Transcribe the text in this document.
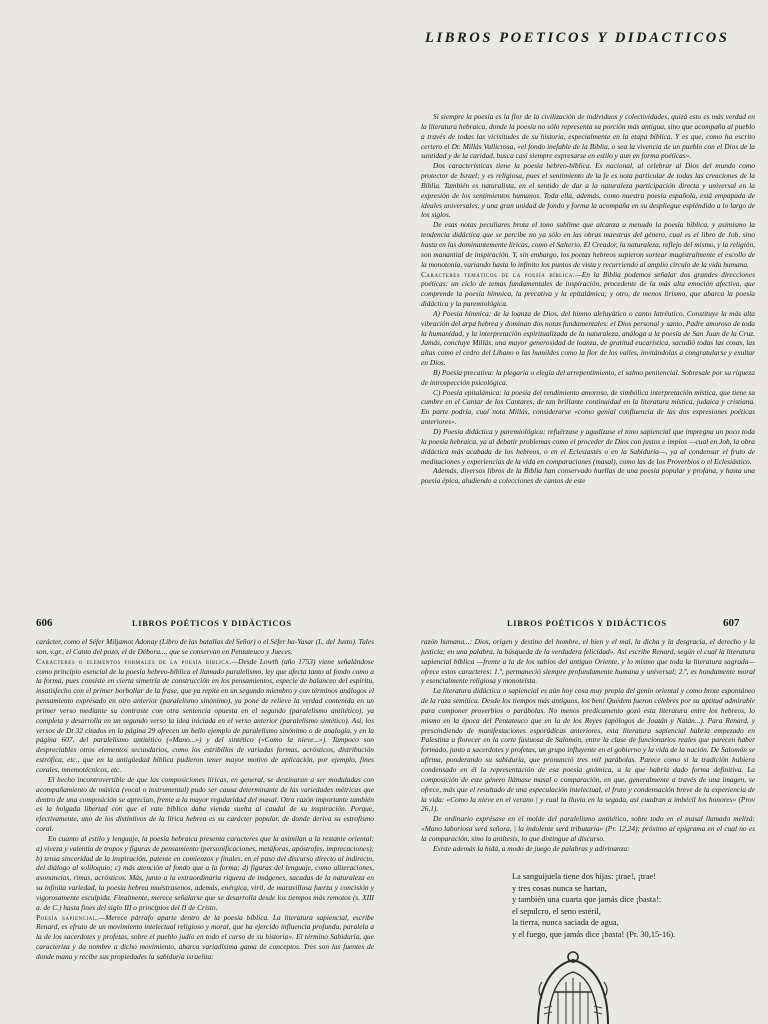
LIBROS POETICOS Y DIDACTICOS

Si siempre la poesía es la flor de la civilización de individuos y colectividades, quizá esto es más verdad en la literatura hebraica, donde la poesía no sólo representa su porción más antigua, sino que acompaña al pueblo a través de todas las vicisitudes de su historia, especialmente en la etapa bíblica. Y es que, como ha escrito certero el Dr. Millás Vallicrosa, «el fondo inefable de la Biblia, o sea la vivencia de un pueblo con el Dios de la santidad y de la caridad, busca casi siempre expresarse en estilo y aun en forma poéticas».

Dos características tiene la poesía hebreo-bíblica. Es nacional, al celebrar al Dios del mundo como protector de Israel; y es religiosa, pues el sentimiento de la fe es nota particular de todas las creaciones de la Biblia. También es naturalista, en el sentido de dar a la naturaleza participación directa y universal en la expresión de los sentimientos humanos. Toda ella, además, como nuestra poesía española, está empapada de ideales universales, y una gran unidad de fondo y forma la acompaña en su despliegue espléndido a lo largo de los siglos.

De esas notas peculiares brota el tono sublime que alcanza a menudo la poesía bíblica, y asimismo la tendencia didáctica que se percibe no ya sólo en las obras maestras del género, cual es el libro de Job, sino hasta en las dominantemente líricas, como el Salterio. El Creador, la naturaleza, reflejo del mismo, y la religión, son manantial de inspiración. Y, sin embargo, los poetas hebreos supieron sortear magistralmente el escollo de la monotonía, variando hasta lo infinito los puntos de vista y recurriendo al amplio círculo de la vida humana.

Caracteres temáticos de la poesía bíblica.—En la Biblia podemos señalar dos grandes direcciones poéticas: un ciclo de temas fundamentales de inspiración, procedente de la más alta emoción afectiva, que comprende la poesía hímnica, la precativa y la epitalámica; y otro, de menos lirismo, que abarca la poesía didáctica y la paremiológica.

A) Poesía hímnica: de la loanza de Dios, del himno aleluyático o canto latréutico. Constituye la más alta vibración del arpa hebrea y dominan dos notas fundamentales: el Dios personal y santo, Padre amoroso de toda la humanidad, y la interpretación espiritualizada de la naturaleza, análoga a la poesía de San Juan de la Cruz. Jamás, concluye Millás, una mayor generosidad de loanza, de gratitud eucarística, sacudió todas las cosas, las altas como el cedro del Líbano o las humildes como la flor de los valles, invitándolas a congratularse y exultar en Dios.

B) Poesía precativa: la plegaria o elegía del arrepentimiento, el salmo penitencial. Sobresale por su riqueza de introspección psicológica.

C) Poesía epitalámica: la poesía del rendimiento amoroso, de simbólica interpretación mística, que tiene su cumbre en el Cantar de los Cantares, de tan brillante continuidad en la literatura mística, judaica y cristiana. En parte podría, cual nota Millás, considerarse «como genial confluencia de las dos expresiones poéticas anteriores».

D) Poesía didáctica y paremiológica: refuérzase y agudízase el tono sapiencial que impregna un poco toda la poesía hebraica, ya al debatir problemas como el proceder de Dios con justos e impíos —cual en Job, la obra didáctica más acabada de los hebreos, o en el Eclesiastés o en la Sabiduría—, ya al condensar el fruto de meditaciones y experiencias de la vida en comparaciones (masal), como las de los Proverbios o el Eclesiástico.

Además, diversos libros de la Biblia han conservado huellas de una poesía popular y profana, y hasta una poesía épica, aludiendo a colecciones de cantos de este

606	LIBROS POÉTICOS Y DIDÁCTICOS	LIBROS POÉTICOS Y DIDÁCTICOS	607

carácter, como el Séfer Miljamot Adonay (Libro de las batallas del Señor) o el Séfer ha-Yasar (L. del Justo). Tales son, v.gr., el Canto del pozo, el de Débora..., que se conservan en Pentateuco y Jueces.

Caracteres o elementos formales de la poesía bíblica.—Desde Lowth (año 1753) viene señalándose como principio esencial de la poesía hebreo-bíblica el llamado paralelismo, ley que afecta tanto al fondo como a la forma, pues consiste en cierta simetría de construcción en los pensamientos, especie de balanceo del espíritu, insatisfecho con el primer borbollar de la frase, que ya repite en un segundo miembro y con términos análogos el pensamiento expresado en otro anterior (paralelismo sinónimo), ya pone de relieve la verdad contenida en un primer verso mediante su contraste con otra sentencia opuesta en el segundo (paralelismo antitético), ya completa y desarrolla en un segundo verso la idea iniciada en el verso anterior (paralelismo sintético). Así, los versos de Dt 32 citados en la página 29 ofrecen un bello ejemplo de paralelismo sinónimo o de analogía, y en la página 607, del paralelismo antitético («Mano...») y del sintético («Como la nieve...»). Tampoco son despreciables otros elementos secundarios, como los estribillos de variadas formas, acrósticos, distribución estrófica, etc., que en la antigüedad bíblica pudieron tener mayor motivo de aplicación, por ejemplo, fines corales, mnemotécnicos, etc.

El hecho incontrovertible de que las composiciones líricas, en general, se destinaran a ser moduladas con acompañamiento de música (vocal o instrumental) pudo ser causa determinante de las variedades métricas que dentro de una composición se aprecian, frente a la mayor regularidad del masal. Otra razón importante también es la holgada libertad con que el vate bíblico daba vienda suelta al caudal de su inspiración. Porque, efectivamente, uno de los distintivos de la lírica hebrea es su carácter popular, de donde deriva su estrofismo coral.

En cuanto al estilo y lenguaje, la poesía hebraica presenta caracteres que la asimilan a la restante oriental: a) viveza y valentía de tropos y figuras de pensamiento (personificaciones, metáforas, apóstrofes, imprecaciones); b) tensa sinceridad de la inspiración, patente en comienzos y finales, en el paso del discurso directo al indirecto, del diálogo al soliloquio; c) más atención al fondo que a la forma; d) figuras del lenguaje, como aliteraciones, asonancias, rimas, acrósticos. Más, junto a la extraordinaria riqueza de imágenes, sacadas de la naturaleza en su infinita variedad, la poesía hebrea muéstrasenos, además, enérgica, viril, de maravillosa fuerza y concisión y vigorosamente esculpida. Finalmente, merece señalarse que se desarrolla desde los tiempos más remotos (s. XIII a. de C.) hasta fines del siglo III o principios del II de Cristo.

Poesía sapiencial.—Merece párrafo aparte dentro de la poesía bíblica. La literatura sapiencial, escribe Renard, es efruto de un movimiento intelectual religioso y moral, que ha ejercido influencia profunda, paralela a la de los sacerdotes y profetas, sobre el pueblo judío en todo el curso de su historia». El término Sabiduría, que caracteriza y da nombre a dicho movimiento, abarca variadísima gama de conceptos. Tres son las fuentes de donde mana y recibe sus propiedades la sabiduría israelita:

razón humana...: Dios, origen y destino del hombre, el bien y el mal, la dicha y la desgracia, el derecho y la justicia; en una palabra, la búsqueda de la verdadera felicidad». Así escribe Renard, según el cual la literatura sapiencial bíblica —frente a la de los sabios del antiguo Oriente, y lo mismo que toda la literatura sagrada— ofrece estos caracteres: 1.º, permaneció siempre profundamente humana y universal; 2.º, es hondamente moral y esencialmente religiosa y monoteísta.

La literatura didáctica o sapiencial es aún hoy cosa muy propia del genio oriental y como brote espontáneo de la raza semítica. Desde los tiempos más antiguos, los bení Quédem fueron célebres por su aptitud admirable para componer proverbios o parábolas. No menos predicamento gozó esta literatura entre los hebreos, lo mismo en la época del Pentateuco que en la de los Reyes (apólogos de Joatán y Natán...). Para Renard, y prescindiendo de manifestaciones esporádicas anteriores, esta literatura sapiencial habría empezado en Palestina a florecer en la corte fastuosa de Salomón, entre la clase de funcionarios reales que parecen haber formado, junto a sacerdotes y profetas, un grupo influyente en el gobierno y la vida de la nación. De Salomón se afirma, ponderando su sabiduría, que pronunció tres mil parábolas. Parece como si la tradición hubiera condensado en él la representación de esa poesía gnómica, a la que habría dado forma definitiva. La composición de este género llámase masal o comparación, en que, generalmente a través de una imagen, se ofrece, más que el resultado de una especulación intelectual, el fruto y condensación breve de la experiencia de la vida: «Como la nieve en el verano | y cual la lluvia en la segada, así cuadran a imbécil los honores» (Prov 26,1).

De ordinario exprésase en el molde del paralelismo antitético, sobre todo en el masal llamado melizá: «Mano laboriosa será señora, | la indolente será tributaria» (Pr. 12,24); próximo al epigrama en el cual no es la comparación, sino la antítesis, lo que distingue al discurso.

Existe además la hidá, a modo de juego de palabras y adivinanza:

La sanguijuela tiene dos hijas: ¡trae!, ¡trae!
y tres cosas nunca se hartan,
y también una cuarta que jamás dice ¡basta!:
el sepulcro, el seno estéril,
la tierra, nunca saciada de agua,
y el fuego, que jamás dice ¡basta! (Pr. 30,15-16).
